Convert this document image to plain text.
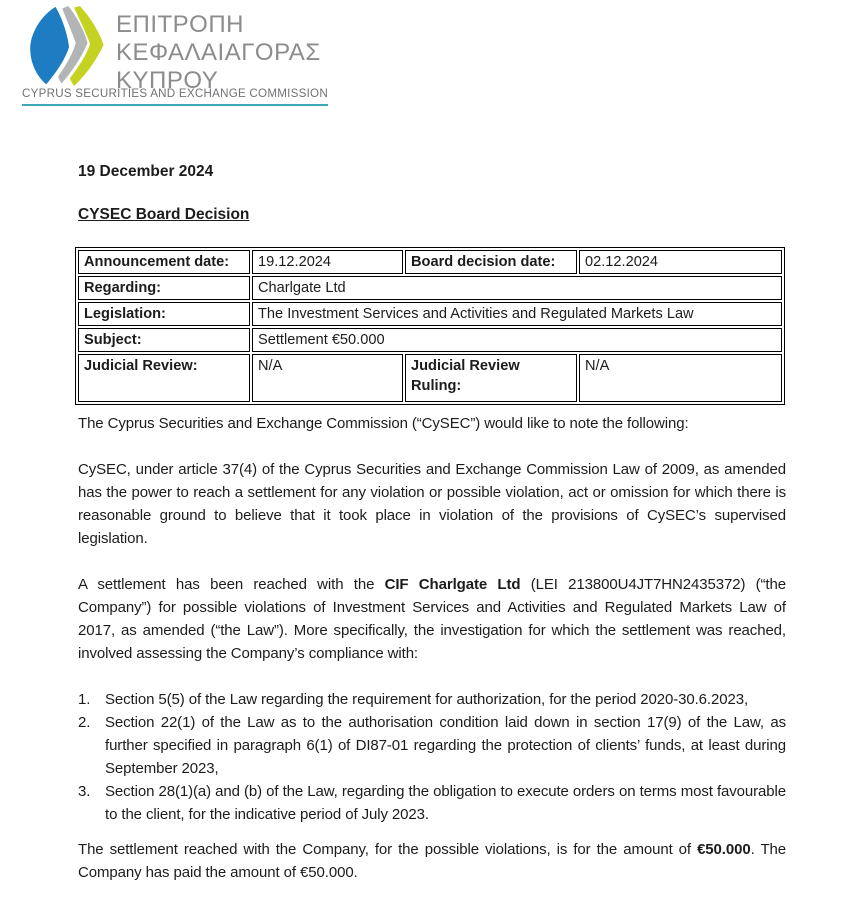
ΕΠΙΤΡΟΠΗ
ΚΕΦΑΛΑΙΑΓΟΡΑΣ
ΚΥΠΡΟΥ
CYPRUS SECURITIES AND EXCHANGE COMMISSION
19 December 2024
CYSEC Board Decision
Announcement date:	19.12.2024	Board decision date:	02.12.2024
Regarding:	Charlgate Ltd		
Legislation:	The Investment Services and Activities and Regulated Markets Law		
Subject:	Settlement €50.000		
Judicial Review:	N/A	Judicial Review Ruling:	N/A

The Cyprus Securities and Exchange Commission (“CySEC”) would like to note the following:

CySEC, under article 37(4) of the Cyprus Securities and Exchange Commission Law of 2009, as amended has the power to reach a settlement for any violation or possible violation, act or omission for which there is reasonable ground to believe that it took place in violation of the provisions of CySEC’s supervised legislation.

A settlement has been reached with the CIF Charlgate Ltd (LEI 213800U4JT7HN2435372) (“the Company”) for possible violations of Investment Services and Activities and Regulated Markets Law of 2017, as amended (“the Law”). More specifically, the investigation for which the settlement was reached, involved assessing the Company’s compliance with:

1. Section 5(5) of the Law regarding the requirement for authorization, for the period 2020-30.6.2023,
2. Section 22(1) of the Law as to the authorisation condition laid down in section 17(9) of the Law, as further specified in paragraph 6(1) of DI87-01 regarding the protection of clients’ funds, at least during September 2023,
3. Section 28(1)(a) and (b) of the Law, regarding the obligation to execute orders on terms most favourable to the client, for the indicative period of July 2023.

The settlement reached with the Company, for the possible violations, is for the amount of €50.000. The Company has paid the amount of €50.000.
